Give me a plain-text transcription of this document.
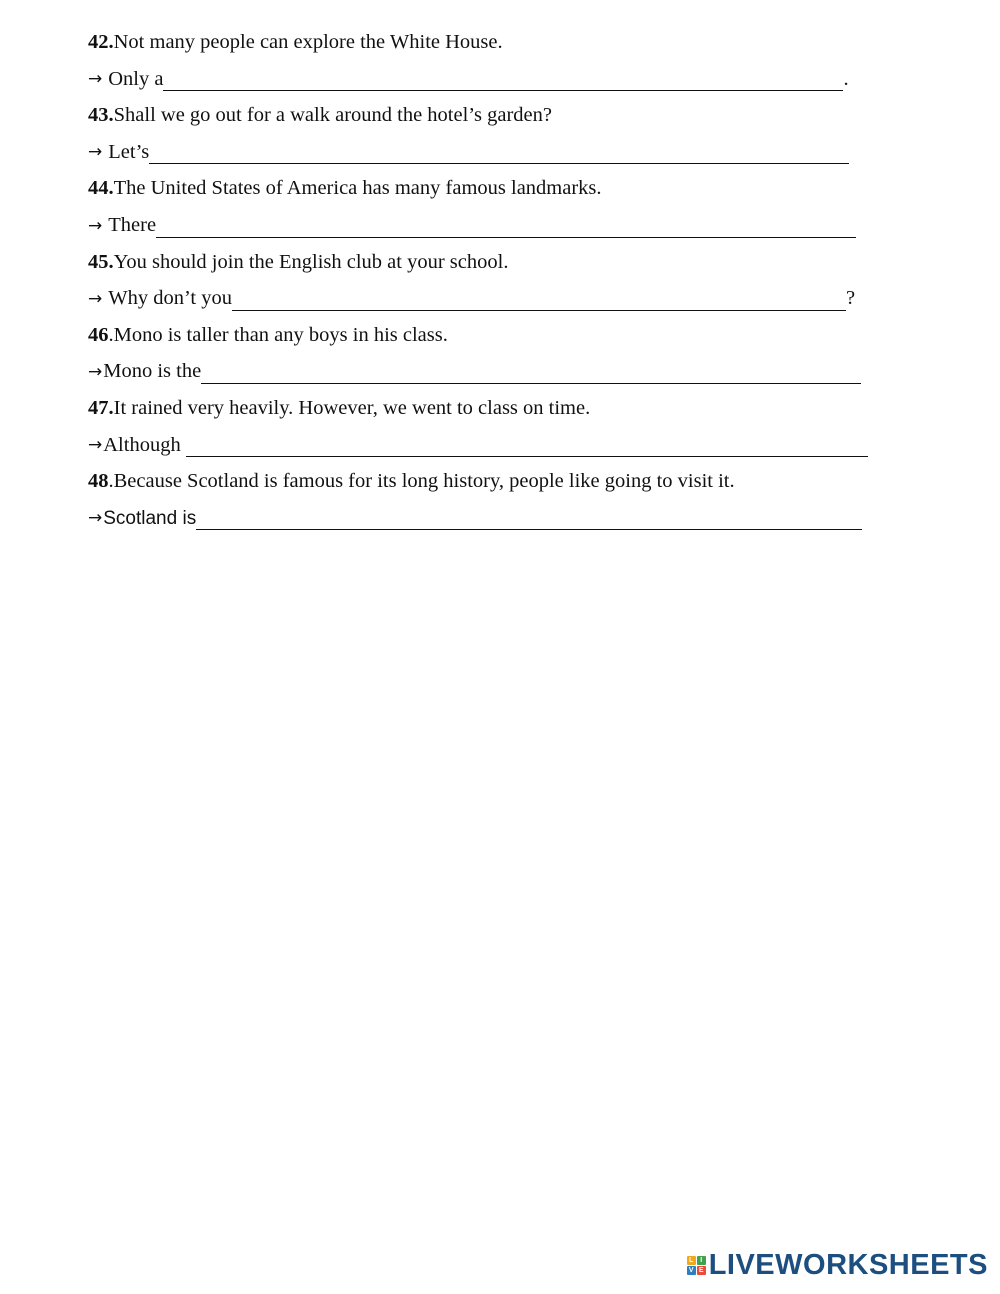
42. Not many people can explore the White House.
→ Only a	.
43. Shall we go out for a walk around the hotel’s garden?
→ Let’s
44. The United States of America has many famous landmarks.
→ There
45. You should join the English club at your school.
→ Why don’t you	?
46 .Mono is taller than any boys in his class.
→ Mono is the
47. It rained very heavily. However, we went to class on time.
→ Although
48 .Because Scotland is famous for its long history, people like going to visit it.
→ Scotland is
L I
V E LIVEWORKSHEETS
